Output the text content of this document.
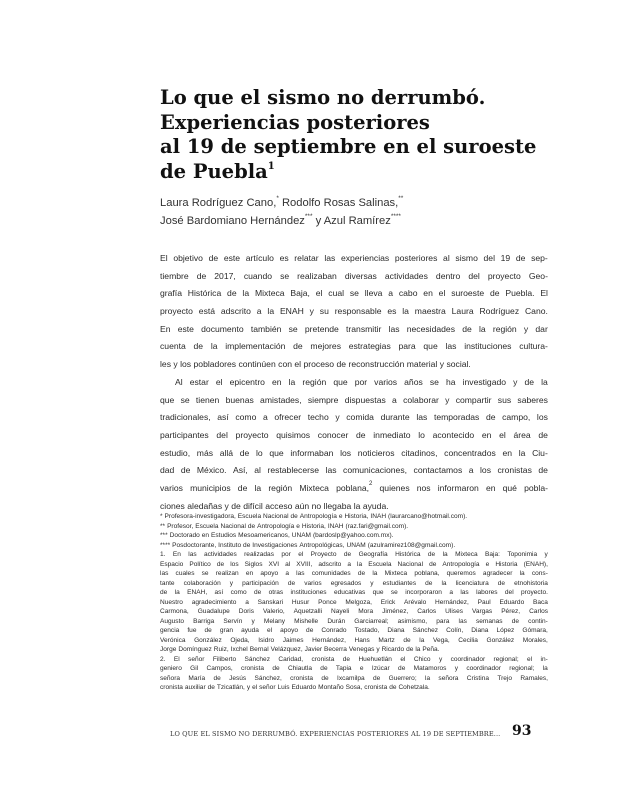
Lo que el sismo no derrumbó.
Experiencias posteriores
al 19 de septiembre en el suroeste
de Puebla$^1$
Laura Rodríguez Cano,* Rodolfo Rosas Salinas,**
José Bardomiano Hernández*** y Azul Ramírez****
El objetivo de este artículo es relatar las experiencias posteriores al sismo del 19 de sep-
tiembre de 2017, cuando se realizaban diversas actividades dentro del proyecto Geo-
grafía Histórica de la Mixteca Baja, el cual se lleva a cabo en el suroeste de Puebla. El
proyecto está adscrito a la ENAH y su responsable es la maestra Laura Rodríguez Cano.
En este documento también se pretende transmitir las necesidades de la región y dar
cuenta de la implementación de mejores estrategias para que las instituciones cultura-
les y los pobladores continúen con el proceso de reconstrucción material y social.
Al estar el epicentro en la región que por varios años se ha investigado y de la
que se tienen buenas amistades, siempre dispuestas a colaborar y compartir sus saberes
tradicionales, así como a ofrecer techo y comida durante las temporadas de campo, los
participantes del proyecto quisimos conocer de inmediato lo acontecido en el área de
estudio, más allá de lo que informaban los noticieros citadinos, concentrados en la Ciu-
dad de México. Así, al restablecerse las comunicaciones, contactamos a los cronistas de
varios municipios de la región Mixteca poblana,$^2$ quienes nos informaron en qué pobla-
ciones aledañas y de difícil acceso aún no llegaba la ayuda.
* Profesora-investigadora, Escuela Nacional de Antropología e Historia, INAH (laurarcano@hotmail.com).
** Profesor, Escuela Nacional de Antropología e Historia, INAH (raz.fari@gmail.com).
*** Doctorado en Estudios Mesoamericanos, UNAM (bardoslp@yahoo.com.mx).
**** Posdoctorante, Instituto de Investigaciones Antropológicas, UNAM (azulramirez108@gmail.com).
1. En las actividades realizadas por el Proyecto de Geografía Histórica de la Mixteca Baja: Toponimia y
Espacio Político de los Siglos XVI al XVIII, adscrito a la Escuela Nacional de Antropología e Historia (ENAH),
las cuales se realizan en apoyo a las comunidades de la Mixteca poblana, queremos agradecer la cons-
tante colaboración y participación de varios egresados y estudiantes de la licenciatura de etnohistoria
de la ENAH, así como de otras instituciones educativas que se incorporaron a las labores del proyecto.
Nuestro agradecimiento a Sanskari Husur Ponce Melgoza, Erick Arévalo Hernández, Paul Eduardo Baca
Carmona, Guadalupe Doris Valerio, Aquetzalli Nayeli Mora Jiménez, Carlos Ulises Vargas Pérez, Carlos
Augusto Barriga Servín y Melany Mishelle Durán Garciarreal; asimismo, para las semanas de contin-
gencia fue de gran ayuda el apoyo de Conrado Tostado, Diana Sánchez Colín, Diana López Gómara,
Verónica González Ojeda, Isidro Jaimes Hernández, Hans Martz de la Vega, Cecilia González Morales,
Jorge Domínguez Ruiz, Ixchel Bernal Velázquez, Javier Becerra Venegas y Ricardo de la Peña.
2. El señor Filiberto Sánchez Caridad, cronista de Huehuetlán el Chico y coordinador regional; el in-
geniero Gil Campos, cronista de Chiautla de Tapia e Izúcar de Matamoros y coordinador regional; la
señora María de Jesús Sánchez, cronista de Ixcamilpa de Guerrero; la señora Cristina Trejo Ramales,
cronista auxiliar de Tzicatlán, y el señor Luis Eduardo Montaño Sosa, cronista de Cohetzala.
LO QUE EL SISMO NO DERRUMBÓ. EXPERIENCIAS POSTERIORES AL 19 DE SEPTIEMBRE... 93
